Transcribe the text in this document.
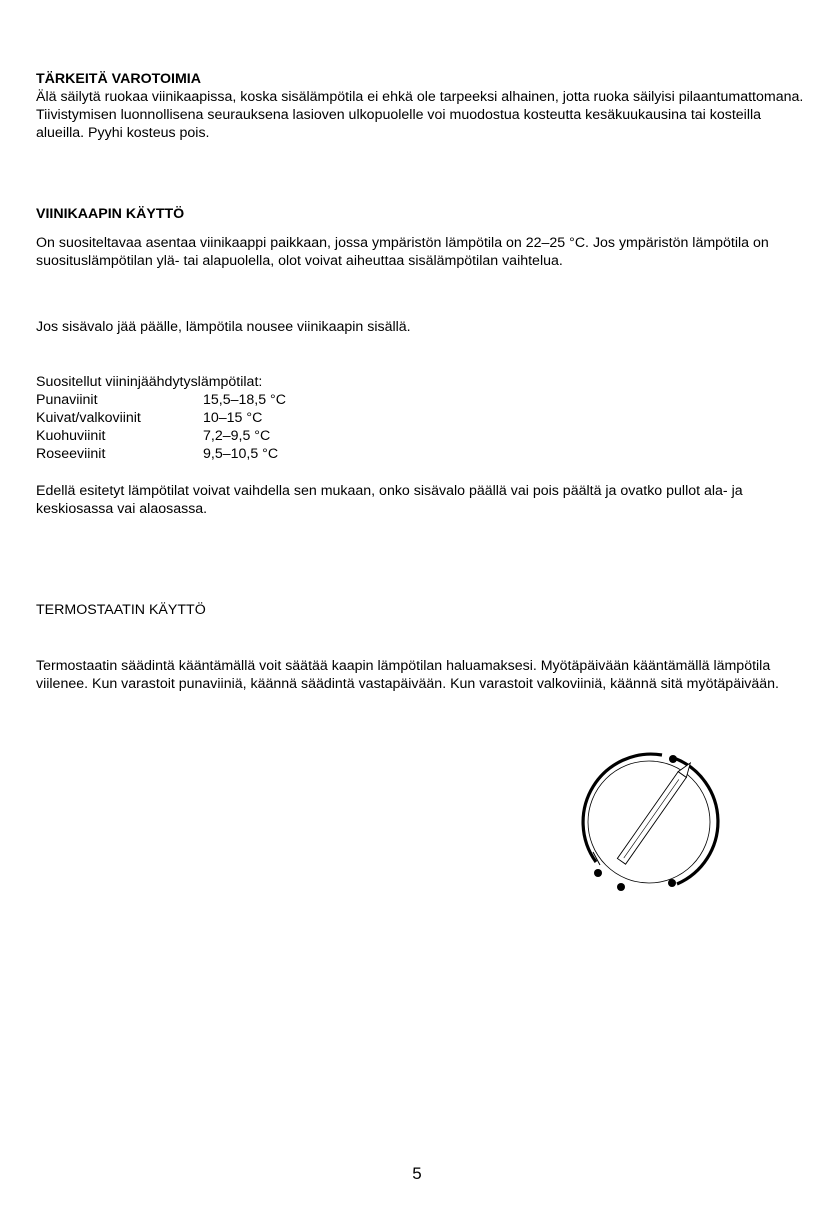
TÄRKEITÄ VAROTOIMIA

Älä säilytä ruokaa viinikaapissa, koska sisälämpötila ei ehkä ole tarpeeksi alhainen, jotta ruoka säilyisi pilaantumattomana. Tiivistymisen luonnollisena seurauksena lasioven ulkopuolelle voi muodostua kosteutta kesäkuukausina tai kosteilla alueilla. Pyyhi kosteus pois.

VIINIKAAPIN KÄYTTÖ
On suositeltavaa asentaa viinikaappi paikkaan, jossa ympäristön lämpötila on 22–25 °C. Jos ympäristön lämpötila on suosituslämpötilan ylä- tai alapuolella, olot voivat aiheuttaa sisälämpötilan vaihtelua.
Jos sisävalo jää päälle, lämpötila nousee viinikaapin sisällä.
Suositellut viininjäähdytyslämpötilat:
Punaviinit	15,5–18,5 °C
Kuivat/valkoviinit	10–15 °C
Kuohuviinit	7,2–9,5 °C
Roseeviinit	9,5–10,5 °C
Edellä esitetyt lämpötilat voivat vaihdella sen mukaan, onko sisävalo päällä vai pois päältä ja ovatko pullot ala- ja keskiosassa vai alaosassa.
TERMOSTAATIN KÄYTTÖ
Termostaatin säädintä kääntämällä voit säätää kaapin lämpötilan haluamaksesi. Myötäpäivään kääntämällä lämpötila viilenee. Kun varastoit punaviiniä, käännä säädintä vastapäivään. Kun varastoit valkoviiniä, käännä sitä myötäpäivään.
5
